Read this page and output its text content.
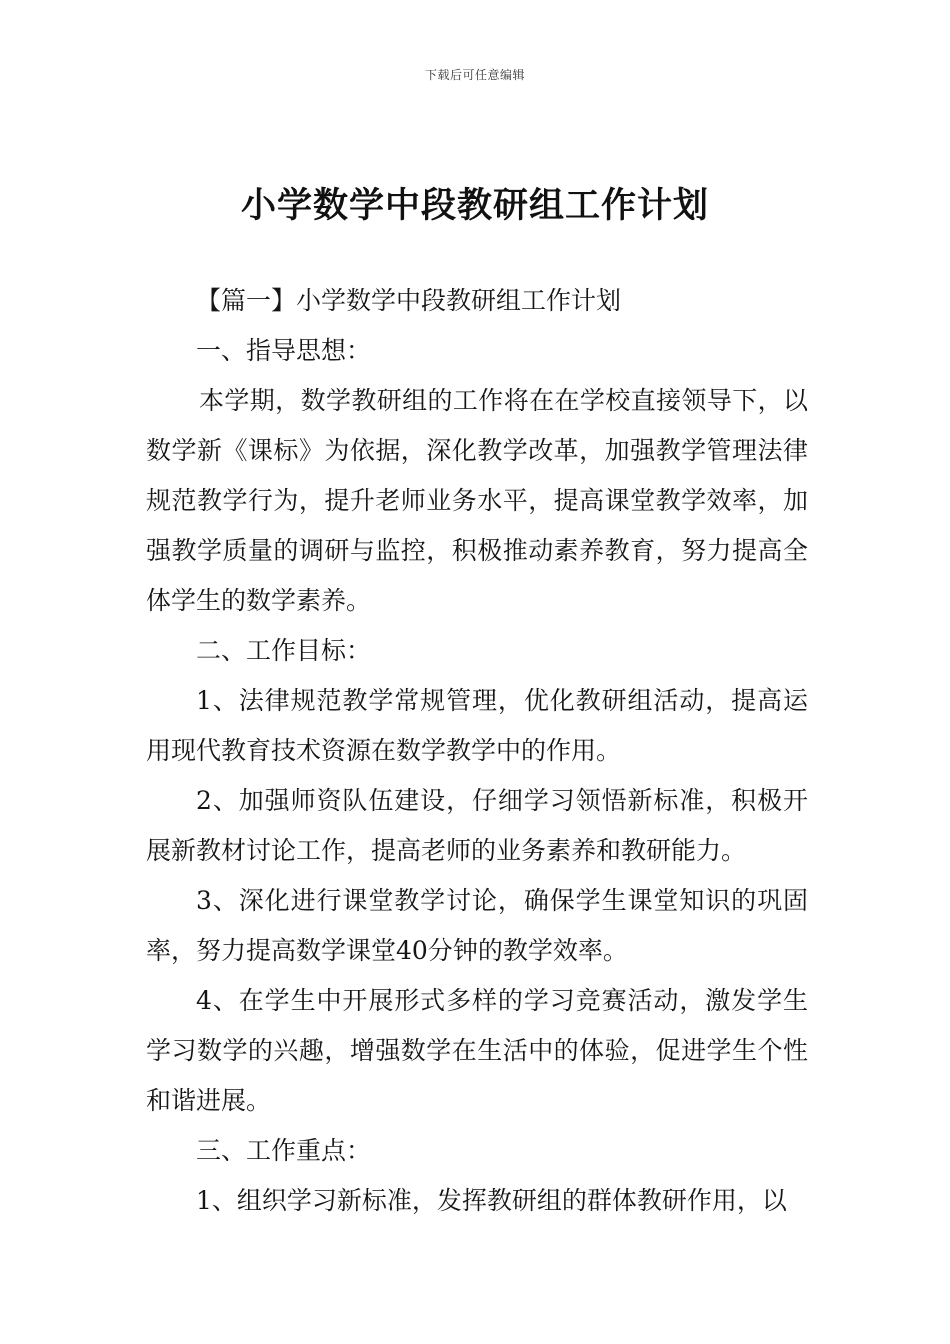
下载后可任意编辑
小学数学中段教研组工作计划

【篇一】小学数学中段教研组工作计划

一、指导思想：

本学期，数学教研组的工作将在在学校直接领导下，以数学新《课标》为依据，深化教学改革，加强教学管理法律规范教学行为，提升老师业务水平，提高课堂教学效率，加强教学质量的调研与监控，积极推动素养教育，努力提高全体学生的数学素养。

二、工作目标：

1、法律规范教学常规管理，优化教研组活动，提高运用现代教育技术资源在数学教学中的作用。

2、加强师资队伍建设，仔细学习领悟新标准，积极开展新教材讨论工作，提高老师的业务素养和教研能力。

3、深化进行课堂教学讨论，确保学生课堂知识的巩固率，努力提高数学课堂40分钟的教学效率。

4、在学生中开展形式多样的学习竞赛活动，激发学生学习数学的兴趣，增强数学在生活中的体验，促进学生个性和谐进展。

三、工作重点：

1、组织学习新标准，发挥教研组的群体教研作用，以
